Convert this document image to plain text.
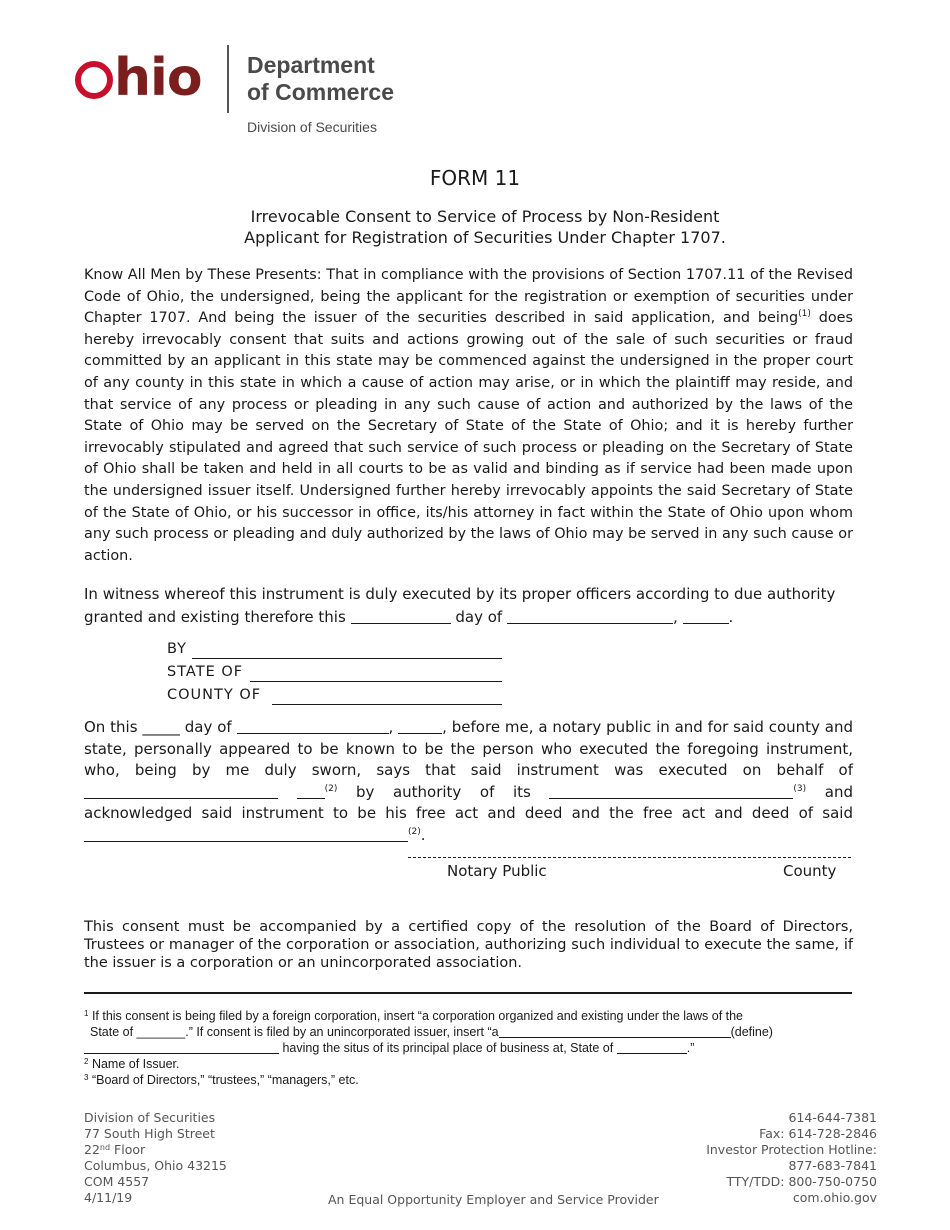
hio Department
of Commerce
Division of Securities
FORM 11
Irrevocable Consent to Service of Process by Non-Resident
Applicant for Registration of Securities Under Chapter 1707.
Know All Men by These Presents: That in compliance with the provisions of Section 1707.11 of the Revised Code of Ohio, the undersigned, being the applicant for the registration or exemption of securities under Chapter 1707. And being the issuer of the securities described in said application, and being$^{(1)}$ does hereby irrevocably consent that suits and actions growing out of the sale of such securities or fraud committed by an applicant in this state may be commenced against the undersigned in the proper court of any county in this state in which a cause of action may arise, or in which the plaintiff may reside, and that service of any process or pleading in any such cause of action and authorized by the laws of the State of Ohio may be served on the Secretary of State of the State of Ohio; and it is hereby further irrevocably stipulated and agreed that such service of such process or pleading on the Secretary of State of Ohio shall be taken and held in all courts to be as valid and binding as if service had been made upon the undersigned issuer itself. Undersigned further hereby irrevocably appoints the said Secretary of State of the State of Ohio, or his successor in office, its/his attorney in fact within the State of Ohio upon whom any such process or pleading and duly authorized by the laws of Ohio may be served in any such cause or action.
In witness whereof this instrument is duly executed by its proper officers according to due authority
granted and existing therefore this	day of	,	.
BY
STATE OF
COUNTY OF
On this _____ day of	,	, before me, a notary public in and for said county and state, personally appeared to be known to be the person who executed the foregoing instrument, who, being by me duly sworn, says that said instrument was executed on behalf of  $^{(2)}$ by authority of its	$^{(3)}$ and acknowledged said instrument to be his free act and deed and the free act and deed of said $^{(2)}$.
Notary Public	County
This consent must be accompanied by a certified copy of the resolution of the Board of Directors, Trustees or manager of the corporation or association, authorizing such individual to execute the same, if the issuer is a corporation or an unincorporated association.
$^1$ If this consent is being filed by a foreign corporation, insert “a corporation organized and existing under the laws of the
State of _______.” If consent is filed by an unincorporated issuer, insert “a	(define)
having the situs of its principal place of business at, State of	.”
$^2$ Name of Issuer.
$^3$ “Board of Directors,” “trustees,” “managers,” etc.
Division of Securities
77 South High Street
22nd Floor
Columbus, Ohio 43215
COM 4557
4/11/19
614-644-7381
Fax: 614-728-2846
Investor Protection Hotline:
877-683-7841
TTY/TDD: 800-750-0750
com.ohio.gov
An Equal Opportunity Employer and Service Provider
